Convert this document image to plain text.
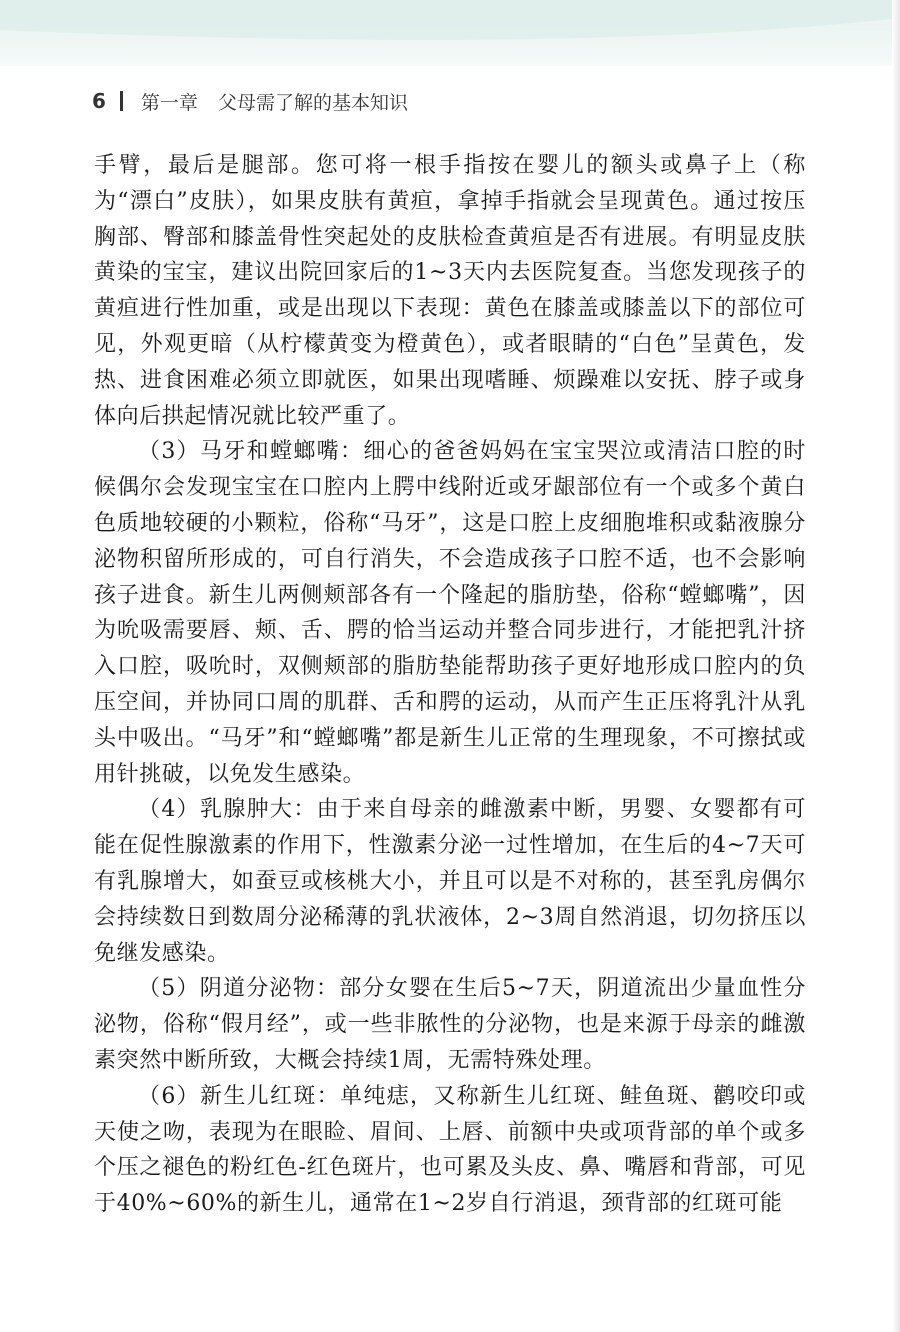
6 第一章 父母需了解的基本知识

手臂，最后是腿部。您可将一根手指按在婴儿的额头或鼻子上（称为“漂白”皮肤），如果皮肤有黄疸，拿掉手指就会呈现黄色。通过按压胸部、臀部和膝盖骨性突起处的皮肤检查黄疸是否有进展。有明显皮肤黄染的宝宝，建议出院回家后的1~3天内去医院复查。当您发现孩子的黄疸进行性加重，或是出现以下表现：黄色在膝盖或膝盖以下的部位可见，外观更暗（从柠檬黄变为橙黄色），或者眼睛的“白色”呈黄色，发热、进食困难必须立即就医，如果出现嗜睡、烦躁难以安抚、脖子或身体向后拱起情况就比较严重了。

（3）马牙和螳螂嘴：细心的爸爸妈妈在宝宝哭泣或清洁口腔的时候偶尔会发现宝宝在口腔内上腭中线附近或牙龈部位有一个或多个黄白色质地较硬的小颗粒，俗称“马牙”，这是口腔上皮细胞堆积或黏液腺分泌物积留所形成的，可自行消失，不会造成孩子口腔不适，也不会影响孩子进食。新生儿两侧颊部各有一个隆起的脂肪垫，俗称“螳螂嘴”，因为吮吸需要唇、颊、舌、腭的恰当运动并整合同步进行，才能把乳汁挤入口腔，吸吮时，双侧颊部的脂肪垫能帮助孩子更好地形成口腔内的负压空间，并协同口周的肌群、舌和腭的运动，从而产生正压将乳汁从乳头中吸出。“马牙”和“螳螂嘴”都是新生儿正常的生理现象，不可擦拭或用针挑破，以免发生感染。

（4）乳腺肿大：由于来自母亲的雌激素中断，男婴、女婴都有可能在促性腺激素的作用下，性激素分泌一过性增加，在生后的4~7天可有乳腺增大，如蚕豆或核桃大小，并且可以是不对称的，甚至乳房偶尔会持续数日到数周分泌稀薄的乳状液体，2~3周自然消退，切勿挤压以免继发感染。

（5）阴道分泌物：部分女婴在生后5~7天，阴道流出少量血性分泌物，俗称“假月经”，或一些非脓性的分泌物，也是来源于母亲的雌激素突然中断所致，大概会持续1周，无需特殊处理。

（6）新生儿红斑：单纯痣，又称新生儿红斑、鲑鱼斑、鹳咬印或天使之吻，表现为在眼睑、眉间、上唇、前额中央或项背部的单个或多个压之褪色的粉红色-红色斑片，也可累及头皮、鼻、嘴唇和背部，可见于40%~60%的新生儿，通常在1~2岁自行消退，颈背部的红斑可能
